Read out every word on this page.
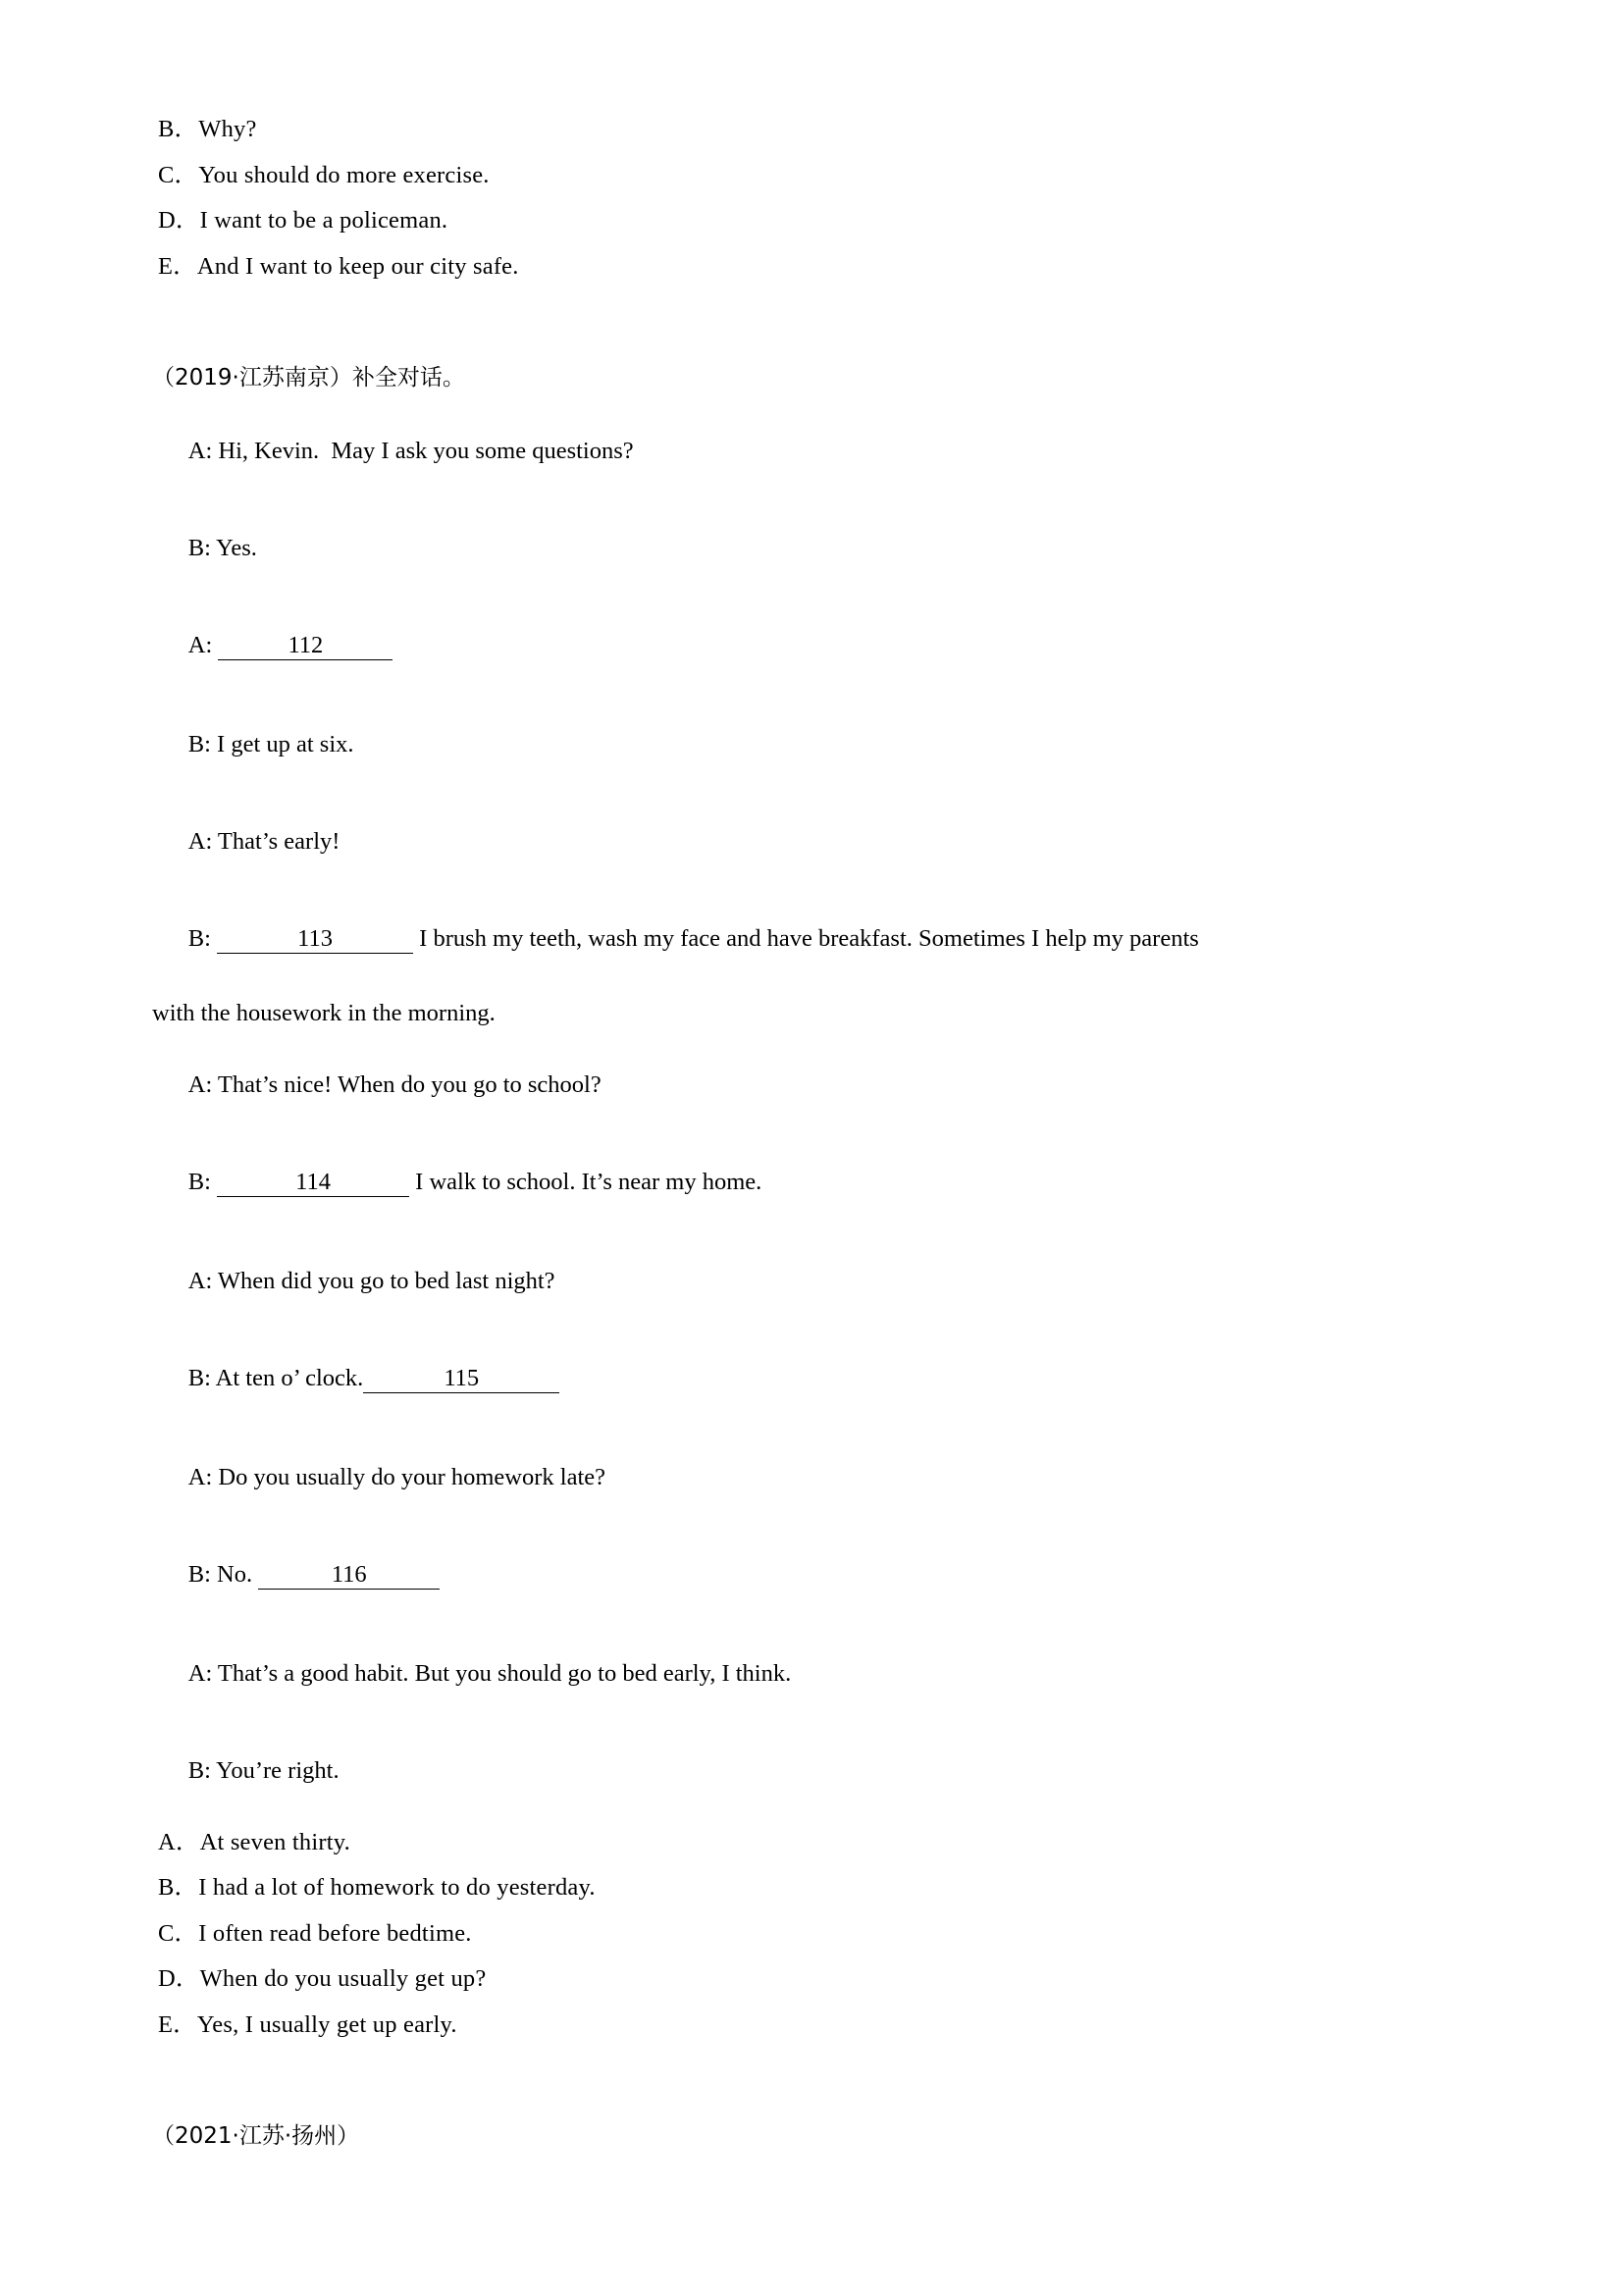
B．Why?
C．You should do more exercise.
D．I want to be a policeman.
E．And I want to keep our city safe.
（2019·江苏南京）补全对话。

A: Hi, Kevin.  May I ask you some questions?

B: Yes.

A:	112

B: I get up at six.

A: That’s early!

B:	113	I brush my teeth, wash my face and have breakfast. Sometimes I help my parents

with the housework in the morning.

A: That’s nice! When do you go to school?

B:	114	I walk to school. It’s near my home.

A: When did you go to bed last night?

B: At ten o’ clock.	115

A: Do you usually do your homework late?

B: No.	116

A: That’s a good habit. But you should go to bed early, I think.

B: You’re right.

A．At seven thirty.
B．I had a lot of homework to do yesterday.
C．I often read before bedtime.
D．When do you usually get up?
E．Yes, I usually get up early.
（2021·江苏·扬州）
